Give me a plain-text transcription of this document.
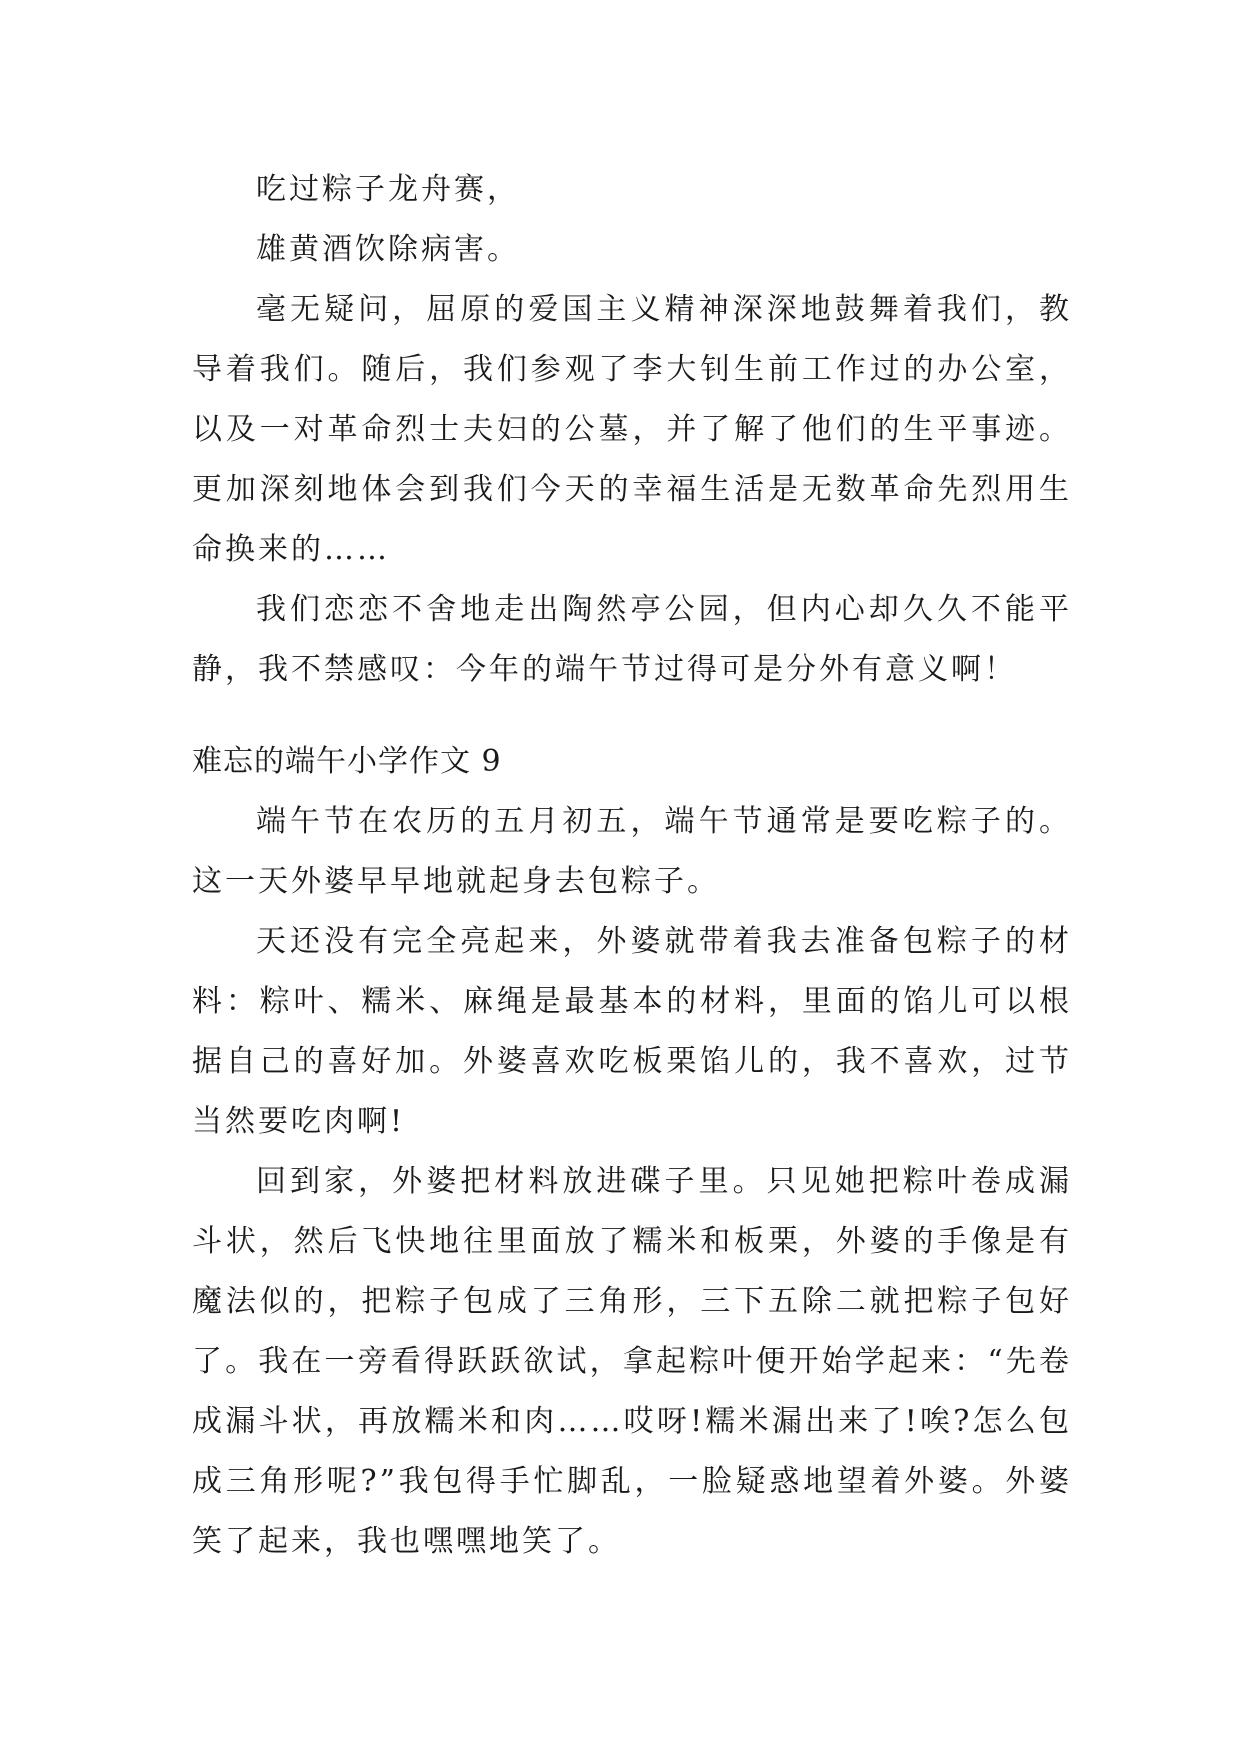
吃过粽子龙舟赛，

雄黄酒饮除病害。

毫无疑问，屈原的爱国主义精神深深地鼓舞着我们，教导着我们。随后，我们参观了李大钊生前工作过的办公室，以及一对革命烈士夫妇的公墓，并了解了他们的生平事迹。更加深刻地体会到我们今天的幸福生活是无数革命先烈用生命换来的……

我们恋恋不舍地走出陶然亭公园，但内心却久久不能平静，我不禁感叹：今年的端午节过得可是分外有意义啊！

难忘的端午小学作文 9

端午节在农历的五月初五，端午节通常是要吃粽子的。这一天外婆早早地就起身去包粽子。

天还没有完全亮起来，外婆就带着我去准备包粽子的材料：粽叶、糯米、麻绳是最基本的材料，里面的馅儿可以根据自己的喜好加。外婆喜欢吃板栗馅儿的，我不喜欢，过节当然要吃肉啊!

回到家，外婆把材料放进碟子里。只见她把粽叶卷成漏斗状，然后飞快地往里面放了糯米和板栗，外婆的手像是有魔法似的，把粽子包成了三角形，三下五除二就把粽子包好了。我在一旁看得跃跃欲试，拿起粽叶便开始学起来：“先卷成漏斗状，再放糯米和肉……哎呀!糯米漏出来了!唉?怎么包成三角形呢?”我包得手忙脚乱，一脸疑惑地望着外婆。外婆笑了起来，我也嘿嘿地笑了。
